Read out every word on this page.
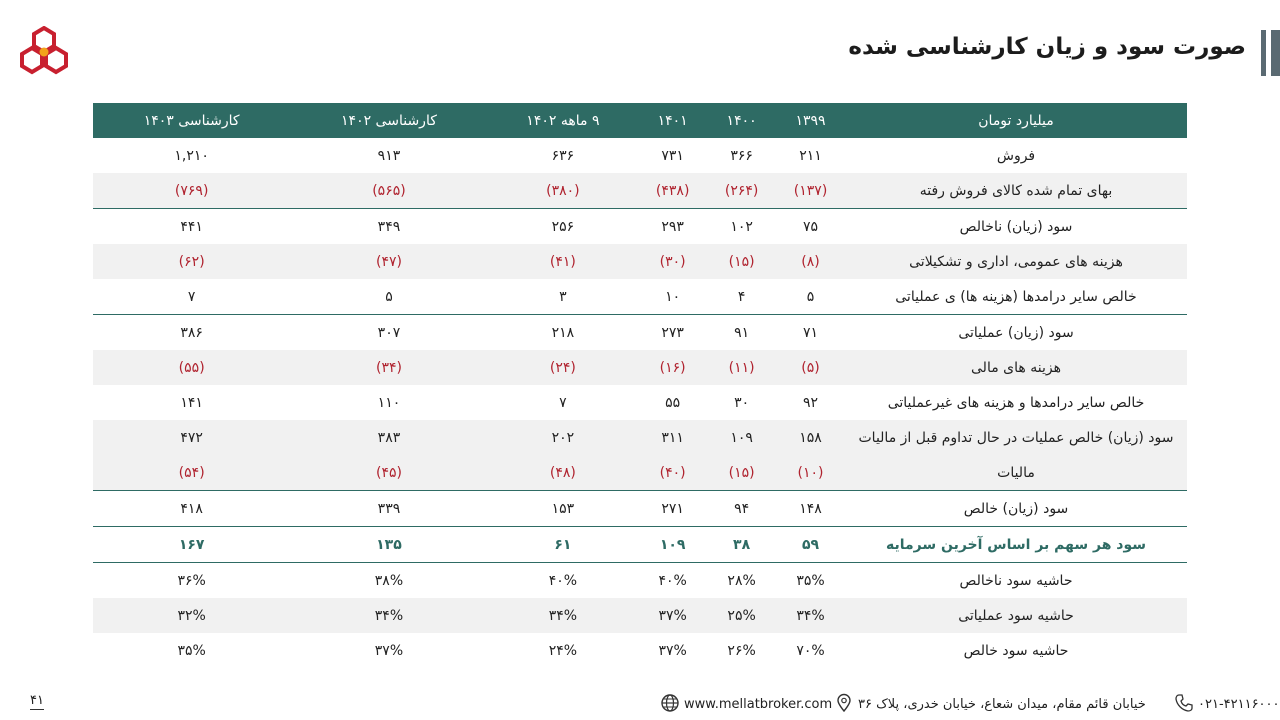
صورت سود و زیان کارشناسی شده
میلیارد تومان	۱۳۹۹	۱۴۰۰	۱۴۰۱	۹ ماهه ۱۴۰۲	کارشناسی ۱۴۰۲	کارشناسی ۱۴۰۳
فروش	۲۱۱	۳۶۶	۷۳۱	۶۳۶	۹۱۳	۱,۲۱۰
بهای تمام شده کالای فروش رفته	(۱۳۷)	(۲۶۴)	(۴۳۸)	(۳۸۰)	(۵۶۵)	(۷۶۹)
سود (زیان) ناخالص	۷۵	۱۰۲	۲۹۳	۲۵۶	۳۴۹	۴۴۱
هزینه های عمومی، اداری و تشکیلاتی	(۸)	(۱۵)	(۳۰)	(۴۱)	(۴۷)	(۶۲)
خالص سایر درامدها (هزینه ها) ی عملیاتی	۵	۴	۱۰	۳	۵	۷
سود (زیان) عملیاتی	۷۱	۹۱	۲۷۳	۲۱۸	۳۰۷	۳۸۶
هزینه های مالی	(۵)	(۱۱)	(۱۶)	(۲۴)	(۳۴)	(۵۵)
خالص سایر درامدها و هزینه های غیرعملیاتی	۹۲	۳۰	۵۵	۷	۱۱۰	۱۴۱
سود (زیان) خالص عملیات در حال تداوم قبل از مالیات	۱۵۸	۱۰۹	۳۱۱	۲۰۲	۳۸۳	۴۷۲
مالیات	(۱۰)	(۱۵)	(۴۰)	(۴۸)	(۴۵)	(۵۴)
سود (زیان) خالص	۱۴۸	۹۴	۲۷۱	۱۵۳	۳۳۹	۴۱۸
سود هر سهم بر اساس آخرین سرمایه	۵۹	۳۸	۱۰۹	۶۱	۱۳۵	۱۶۷
حاشیه سود ناخالص	۳۵%	۲۸%	۴۰%	۴۰%	۳۸%	۳۶%
حاشیه سود عملیاتی	۳۴%	۲۵%	۳۷%	۳۴%	۳۴%	۳۲%
حاشیه سود خالص	۷۰%	۲۶%	۳۷%	۲۴%	۳۷%	۳۵%
۴۱	www.mellatbroker.com خیابان قائم مقام، میدان شعاع، خیابان خدری، پلاک ۳۶	۰۲۱-۴۲۱۱۶۰۰۰
